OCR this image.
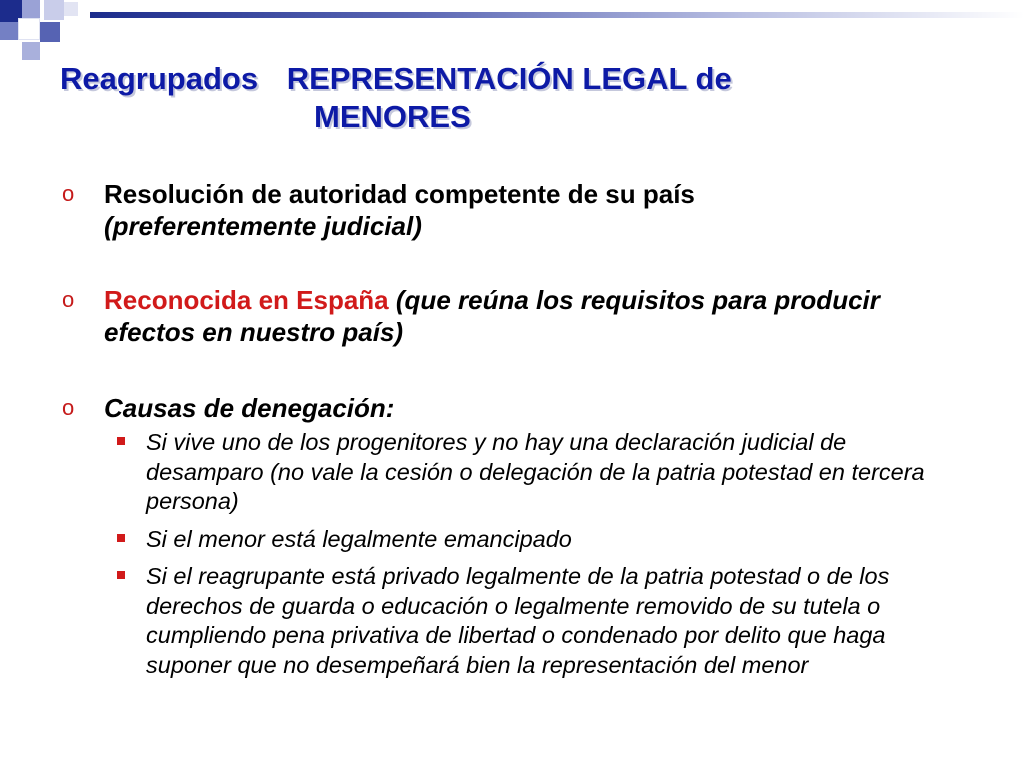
Reagrupados REPRESENTACIÓN LEGAL de
MENORES
o Resolución de autoridad competente de su país
(preferentemente judicial)
o Reconocida en España (que reúna los requisitos para producir efectos en nuestro país)
o Causas de denegación:
Si vive uno de los progenitores y no hay una declaración judicial de desamparo (no vale la cesión o delegación de la patria potestad en tercera persona)
Si el menor está legalmente emancipado
Si el reagrupante está privado legalmente de la patria potestad o de los derechos de guarda o educación o legalmente removido de su tutela o cumpliendo pena privativa de libertad o condenado por delito que haga suponer que no desempeñará bien la representación del menor
